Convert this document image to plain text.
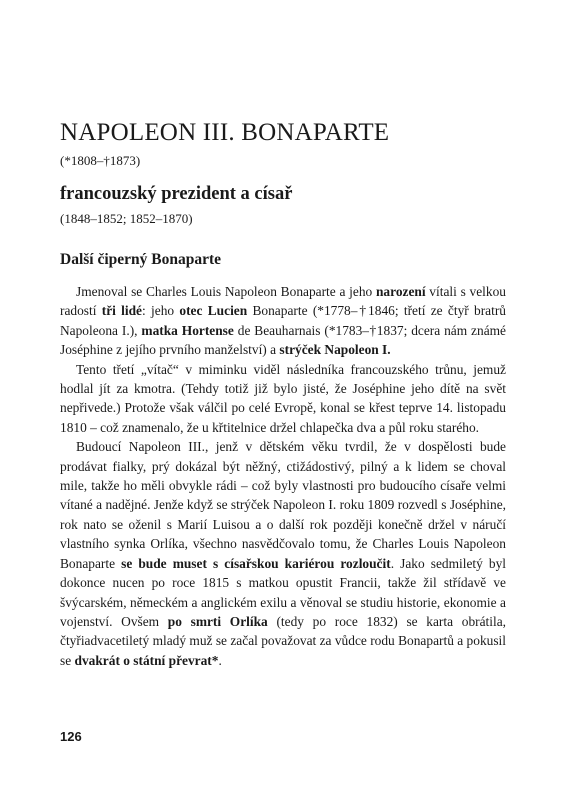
NAPOLEON III. BONAPARTE
(*1808–†1873)
francouzský prezident a císař
(1848–1852; 1852–1870)
Další čiperný Bonaparte

Jmenoval se Charles Louis Napoleon Bonaparte a jeho narození vítali s velkou radostí tři lidé: jeho otec Lucien Bonaparte (*1778–†1846; třetí ze čtyř bratrů Napoleona I.), matka Hortense de Beauharnais (*1783–†1837; dcera nám známé Joséphine z jejího prvního manželství) a strýček Napoleon I.

Tento třetí „vítač“ v miminku viděl následníka francouzského trůnu, jemuž hodlal jít za kmotra. (Tehdy totiž již bylo jisté, že Joséphine jeho dítě na svět nepřivede.) Protože však válčil po celé Evropě, konal se křest teprve 14. listopadu 1810 – což znamenalo, že u křtitelnice držel chlapečka dva a půl roku starého.

Budoucí Napoleon III., jenž v dětském věku tvrdil, že v dospělosti bude prodávat fialky, prý dokázal být něžný, ctižádostivý, pilný a k lidem se choval mile, takže ho měli obvykle rádi – což byly vlastnosti pro budoucího císaře velmi vítané a nadějné. Jenže když se strýček Napoleon I. roku 1809 rozvedl s Joséphine, rok nato se oženil s Marií Luisou a o další rok později konečně držel v náručí vlastního synka Orlíka, všechno nasvědčovalo tomu, že Charles Louis Napoleon Bonaparte se bude muset s císařskou kariérou rozloučit. Jako sedmiletý byl dokonce nucen po roce 1815 s matkou opustit Francii, takže žil střídavě ve švýcarském, německém a anglickém exilu a věnoval se studiu historie, ekonomie a vojenství. Ovšem po smrti Orlíka (tedy po roce 1832) se karta obrátila, čtyřiadvacetiletý mladý muž se začal považovat za vůdce rodu Bonapartů a pokusil se dvakrát o státní převrat*.

126
